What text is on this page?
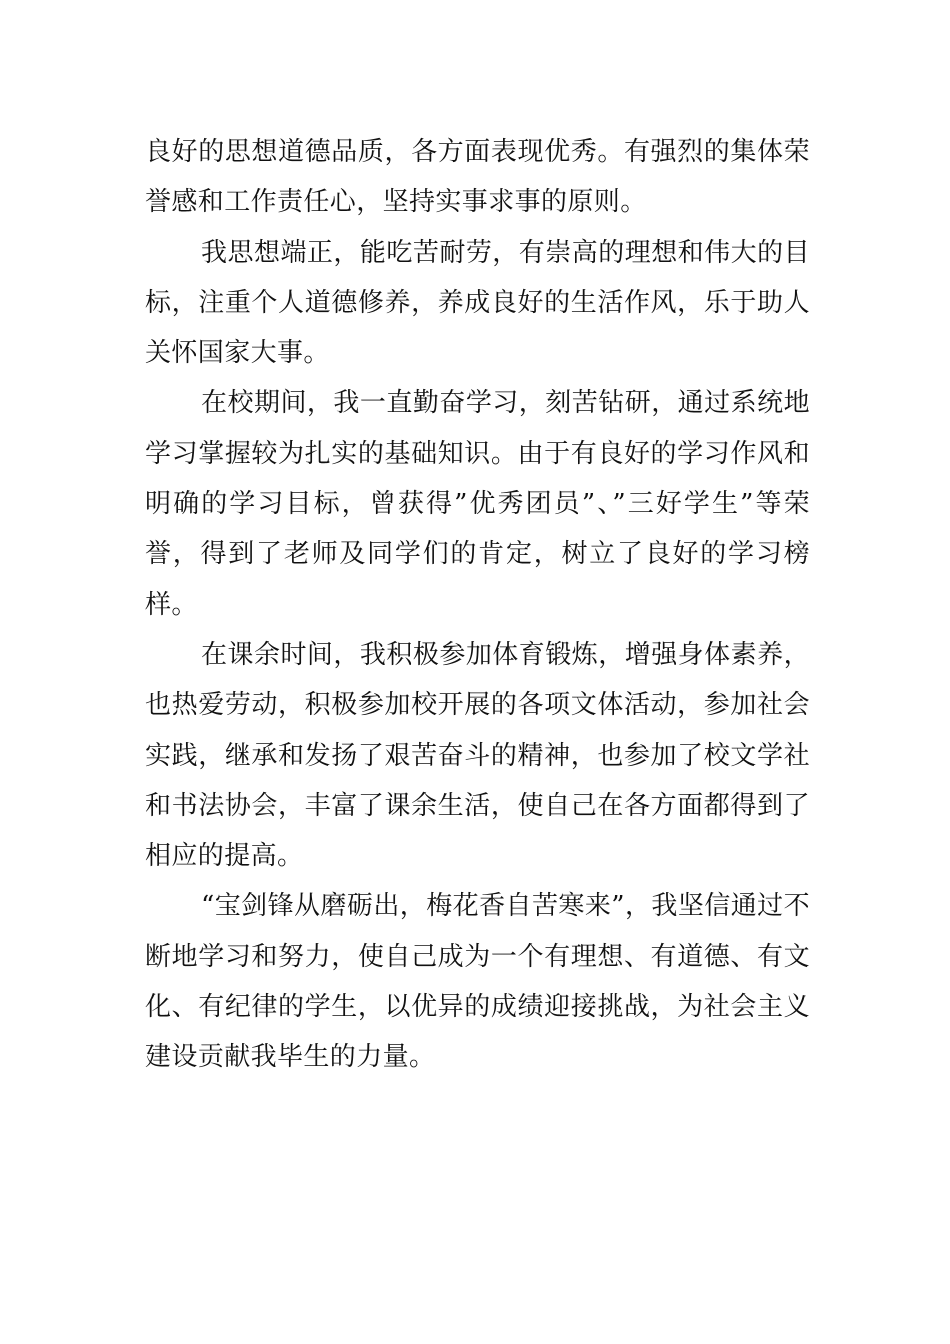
良好的思想道德品质，各方面表现优秀。有强烈的集体荣誉感和工作责任心，坚持实事求事的原则。

我思想端正，能吃苦耐劳，有崇高的理想和伟大的目标，注重个人道德修养，养成良好的生活作风，乐于助人关怀国家大事。

在校期间，我一直勤奋学习，刻苦钻研，通过系统地学习掌握较为扎实的基础知识。由于有良好的学习作风和明确的学习目标，曾获得”优秀团员”、”三好学生”等荣誉，得到了老师及同学们的肯定，树立了良好的学习榜样。

在课余时间，我积极参加体育锻炼，增强身体素养，也热爱劳动，积极参加校开展的各项文体活动，参加社会实践，继承和发扬了艰苦奋斗的精神，也参加了校文学社和书法协会，丰富了课余生活，使自己在各方面都得到了相应的提高。

“宝剑锋从磨砺出，梅花香自苦寒来”，我坚信通过不断地学习和努力，使自己成为一个有理想、有道德、有文化、有纪律的学生，以优异的成绩迎接挑战，为社会主义建设贡献我毕生的力量。
